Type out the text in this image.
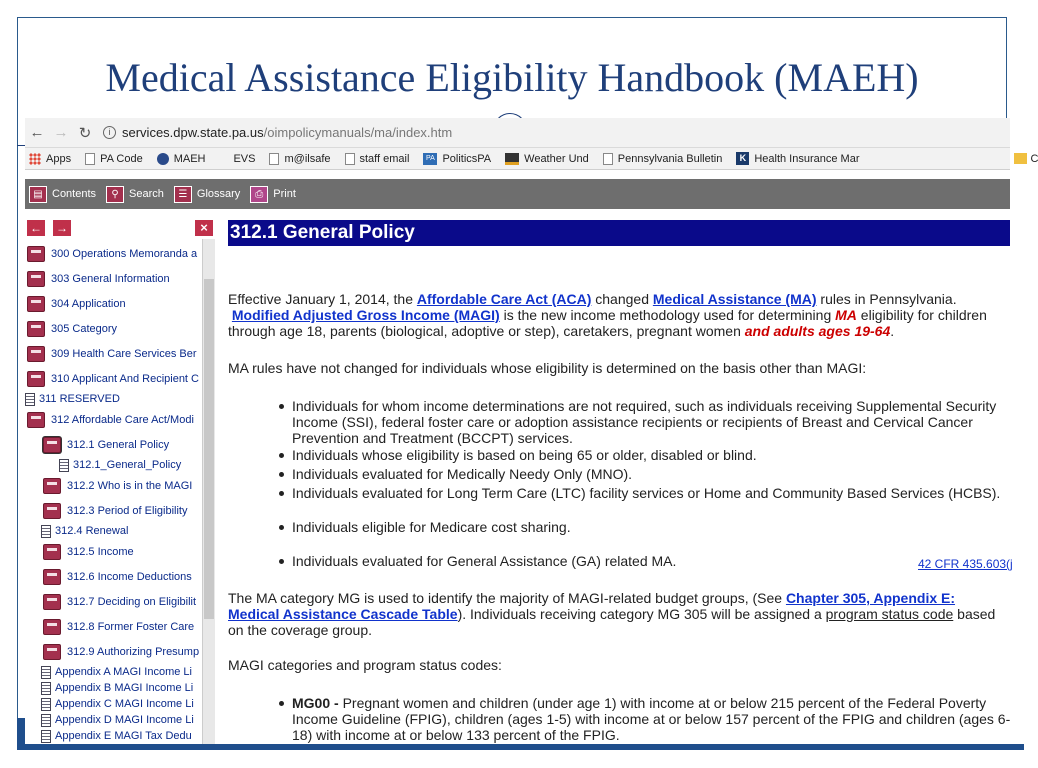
Medical Assistance Eligibility Handbook (MAEH)
← → ↻	i services.dpw.state.pa.us /oimpolicymanuals/ma/index.htm
Apps	PA Code	MAEH	EVS	m@ilsafe	staff email	PA PoliticsPA	Weather Und	Pennsylvania Bulletin	K Health Insurance Mar	C
▤ Contents	⚲ Search	☰ Glossary	⎙ Print
← →	×
300 Operations Memoranda a
303 General Information
304 Application
305 Category
309 Health Care Services Ber
310 Applicant And Recipient C
311 RESERVED
312 Affordable Care Act/Modi
312.1 General Policy
312.1_General_Policy
312.2 Who is in the MAGI
312.3 Period of Eligibility
312.4 Renewal
312.5 Income
312.6 Income Deductions
312.7 Deciding on Eligibilit
312.8 Former Foster Care
312.9 Authorizing Presump
Appendix A MAGI Income Li
Appendix B MAGI Income Li
Appendix C MAGI Income Li
Appendix D MAGI Income Li
Appendix E MAGI Tax Dedu
312.1 General Policy
Effective January 1, 2014, the Affordable Care Act (ACA) changed Medical Assistance (MA) rules in Pennsylvania.
Modified Adjusted Gross Income (MAGI) is the new income methodology used for determining MA eligibility for children
through age 18, parents (biological, adoptive or step), caretakers, pregnant women and adults ages 19-64.
MA rules have not changed for individuals whose eligibility is determined on the basis other than MAGI:
Individuals for whom income determinations are not required, such as individuals receiving Supplemental Security Income (SSI), federal foster care or adoption assistance recipients or recipients of Breast and Cervical Cancer Prevention and Treatment (BCCPT) services.
Individuals whose eligibility is based on being 65 or older, disabled or blind.
Individuals evaluated for Medically Needy Only (MNO).
Individuals evaluated for Long Term Care (LTC) facility services or Home and Community Based Services (HCBS).
Individuals eligible for Medicare cost sharing.
42 CFR 435.603(j
Individuals evaluated for General Assistance (GA) related MA.
The MA category MG is used to identify the majority of MAGI-related budget groups, (See Chapter 305, Appendix E: Medical Assistance Cascade Table). Individuals receiving category MG 305 will be assigned a program status code based on the coverage group.
MAGI categories and program status codes:
MG00 - Pregnant women and children (under age 1) with income at or below 215 percent of the Federal Poverty Income Guideline (FPIG), children (ages 1-5) with income at or below 157 percent of the FPIG and children (ages 6-18) with income at or below 133 percent of the FPIG.
